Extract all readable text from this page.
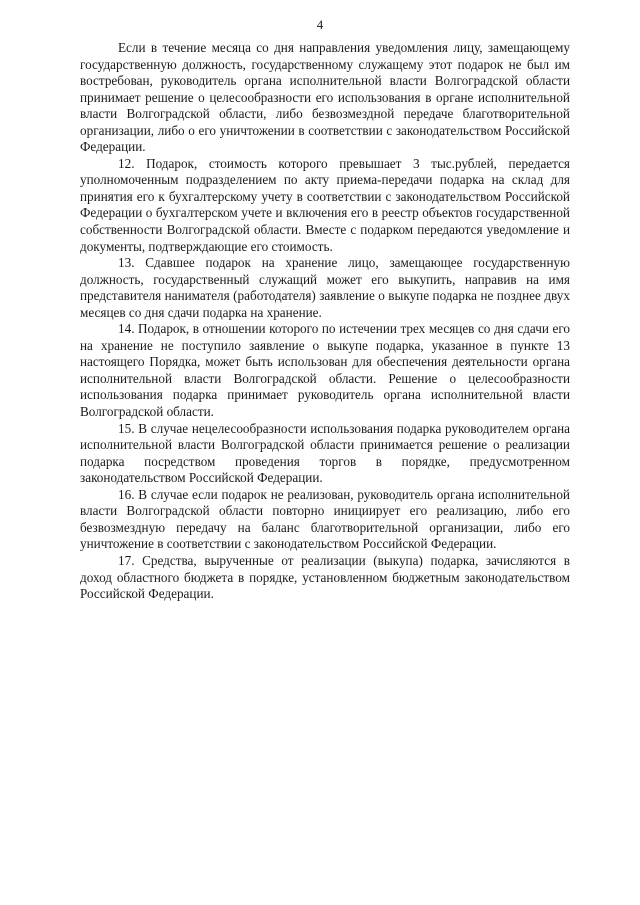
4

Если в течение месяца со дня направления уведомления лицу, замещающему государственную должность, государственному служащему этот подарок не был им востребован, руководитель органа исполнительной власти Волгоградской области принимает решение о целесообразности его использования в органе исполнительной власти Волгоградской области, либо безвозмездной передаче благотворительной организации, либо о его уничтожении в соответствии с законодательством Российской Федерации.

12. Подарок, стоимость которого превышает 3 тыс.рублей, передается уполномоченным подразделением по акту приема-передачи подарка на склад для принятия его к бухгалтерскому учету в соответствии с законодательством Российской Федерации о бухгалтерском учете и включения его в реестр объектов государственной собственности Волгоградской области. Вместе с подарком передаются уведомление и документы, подтверждающие его стоимость.

13. Сдавшее подарок на хранение лицо, замещающее государственную должность, государственный служащий может его выкупить, направив на имя представителя нанимателя (работодателя) заявление о выкупе подарка не позднее двух месяцев со дня сдачи подарка на хранение.

14. Подарок, в отношении которого по истечении трех месяцев со дня сдачи его на хранение не поступило заявление о выкупе подарка, указанное в пункте 13 настоящего Порядка, может быть использован для обеспечения деятельности органа исполнительной власти Волгоградской области. Решение о целесообразности использования подарка принимает руководитель органа исполнительной власти Волгоградской области.

15. В случае нецелесообразности использования подарка руководителем органа исполнительной власти Волгоградской области принимается решение о реализации подарка посредством проведения торгов в порядке, предусмотренном законодательством Российской Федерации.

16. В случае если подарок не реализован, руководитель органа исполнительной власти Волгоградской области повторно инициирует его реализацию, либо его безвозмездную передачу на баланс благотворительной организации, либо его уничтожение в соответствии с законодательством Российской Федерации.

17. Средства, вырученные от реализации (выкупа) подарка, зачисляются в доход областного бюджета в порядке, установленном бюджетным законодательством Российской Федерации.
